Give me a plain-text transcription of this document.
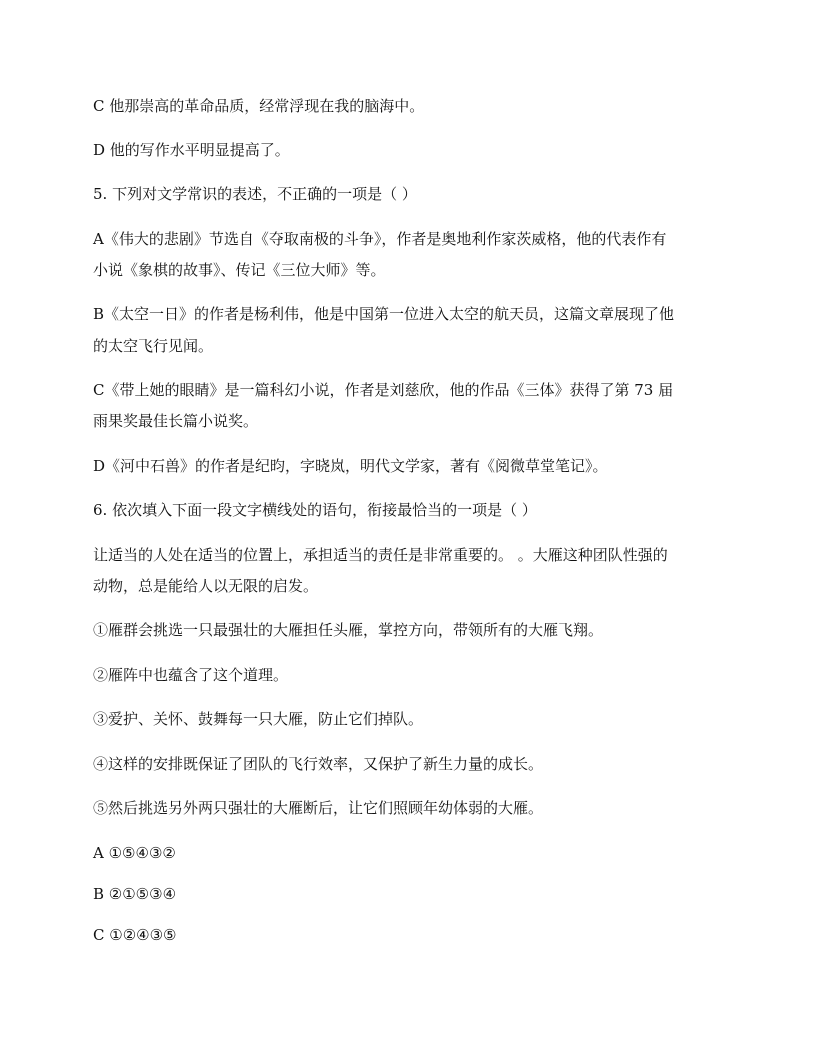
C 他那崇高的革命品质，经常浮现在我的脑海中。
D 他的写作水平明显提高了。
5. 下列对文学常识的表述，不正确的一项是（ ）
A《伟大的悲剧》节选自《夺取南极的斗争》，作者是奥地利作家茨威格，他的代表作有
小说《象棋的故事》、传记《三位大师》等。
B《太空一日》的作者是杨利伟，他是中国第一位进入太空的航天员，这篇文章展现了他
的太空飞行见闻。
C《带上她的眼睛》是一篇科幻小说，作者是刘慈欣，他的作品《三体》获得了第 73 届
雨果奖最佳长篇小说奖。
D《河中石兽》的作者是纪昀，字晓岚，明代文学家，著有《阅微草堂笔记》。
6. 依次填入下面一段文字横线处的语句，衔接最恰当的一项是（ ）
让适当的人处在适当的位置上，承担适当的责任是非常重要的。 。大雁这种团队性强的
动物，总是能给人以无限的启发。
①雁群会挑选一只最强壮的大雁担任头雁，掌控方向，带领所有的大雁飞翔。
②雁阵中也蕴含了这个道理。
③爱护、关怀、鼓舞每一只大雁，防止它们掉队。
④这样的安排既保证了团队的飞行效率，又保护了新生力量的成长。
⑤然后挑选另外两只强壮的大雁断后，让它们照顾年幼体弱的大雁。
A ①⑤④③②
B ②①⑤③④
C ①②④③⑤
